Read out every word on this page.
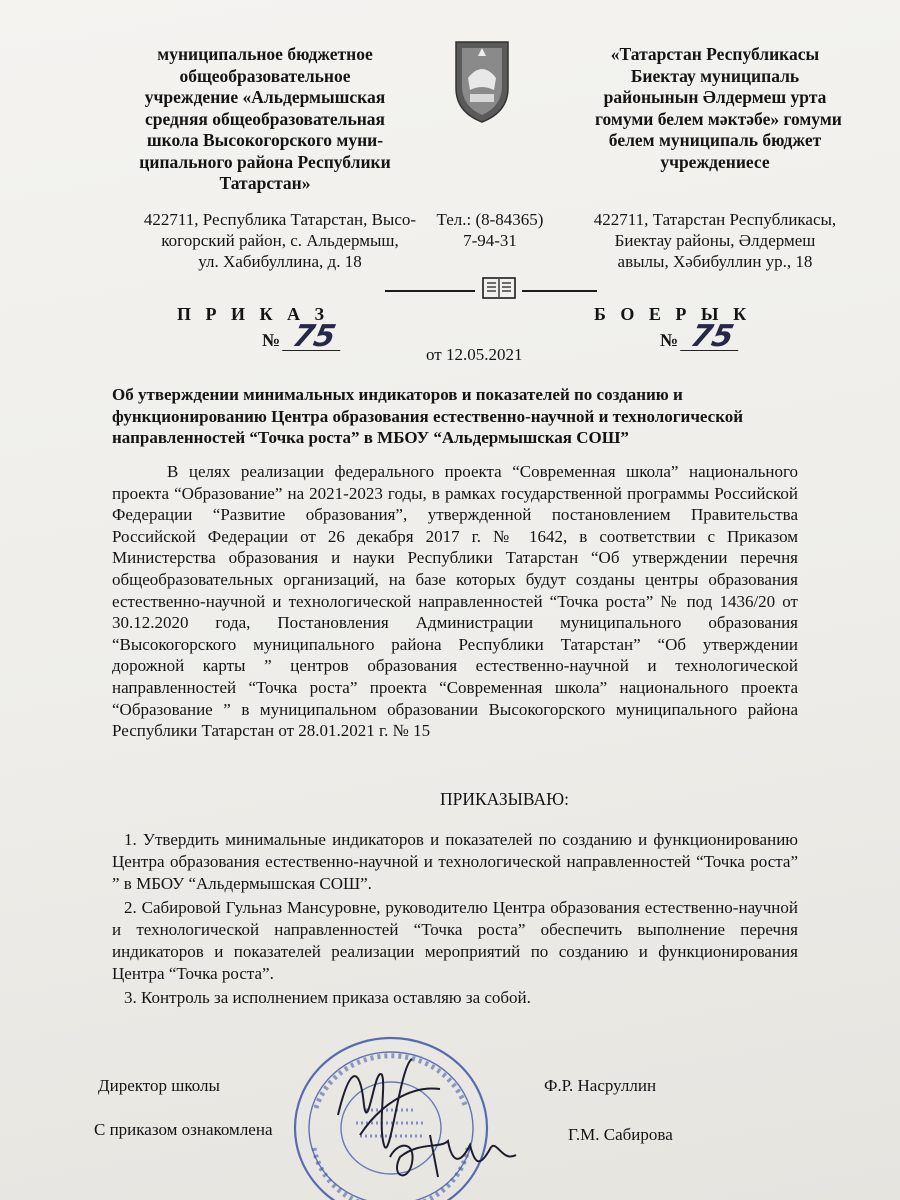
муниципальное бюджетное
общеобразовательное
учреждение «Альдермышская
средняя общеобразовательная
школа Высокогорского муни-
ципального района Республики
Татарстан»
«Татарстан Республикасы
Биектау муниципаль
районынын Әлдермеш урта
гомуми белем мәктәбе» гомуми
белем муниципаль бюджет
учреждениесе
422711, Республика Татарстан, Высо-
когорский район, с. Альдермыш,
ул. Хабибуллина, д. 18
Тел.: (8-84365)
7-94-31
422711, Татарстан Республикасы,
Биектау районы, Әлдермеш
авылы, Хәбибуллин ур., 18
П Р И К А З
№ 75
Б О Е Р Ы К
№ 75
от 12.05.2021
Об утверждении минимальных индикаторов и показателей по созданию и функционированию Центра образования естественно-научной и технологической направленностей “Точка роста” в МБОУ “Альдермышская СОШ”
В целях реализации федерального проекта “Современная школа” национального проекта “Образование” на 2021-2023 годы, в рамках государственной программы Российской Федерации “Развитие образования”, утвержденной постановлением Правительства Российской Федерации от 26 декабря 2017 г. № 1642, в соответствии с Приказом Министерства образования и науки Республики Татарстан “Об утверждении перечня общеобразовательных организаций, на базе которых будут созданы центры образования естественно-научной и технологической направленностей “Точка роста” № под 1436/20 от 30.12.2020 года, Постановления Администрации муниципального образования “Высокогорского муниципального района Республики Татарстан” “Об утверждении дорожной карты ” центров образования естественно-научной и технологической направленностей “Точка роста” проекта “Современная школа” национального проекта “Образование ” в муниципальном образовании Высокогорского муниципального района Республики Татарстан от 28.01.2021 г. № 15
ПРИКАЗЫВАЮ:

1. Утвердить минимальные индикаторов и показателей по созданию и функционированию Центра образования естественно-научной и технологической направленностей “Точка роста” ” в МБОУ “Альдермышская СОШ”.

2. Сабировой Гульназ Мансуровне, руководителю Центра образования естественно-научной и технологической направленностей “Точка роста” обеспечить выполнение перечня индикаторов и показателей реализации мероприятий по созданию и функционирования Центра “Точка роста”.

3. Контроль за исполнением приказа оставляю за собой.

Директор школы	Ф.Р. Насруллин
С приказом ознакомлена	Г.М. Сабирова
